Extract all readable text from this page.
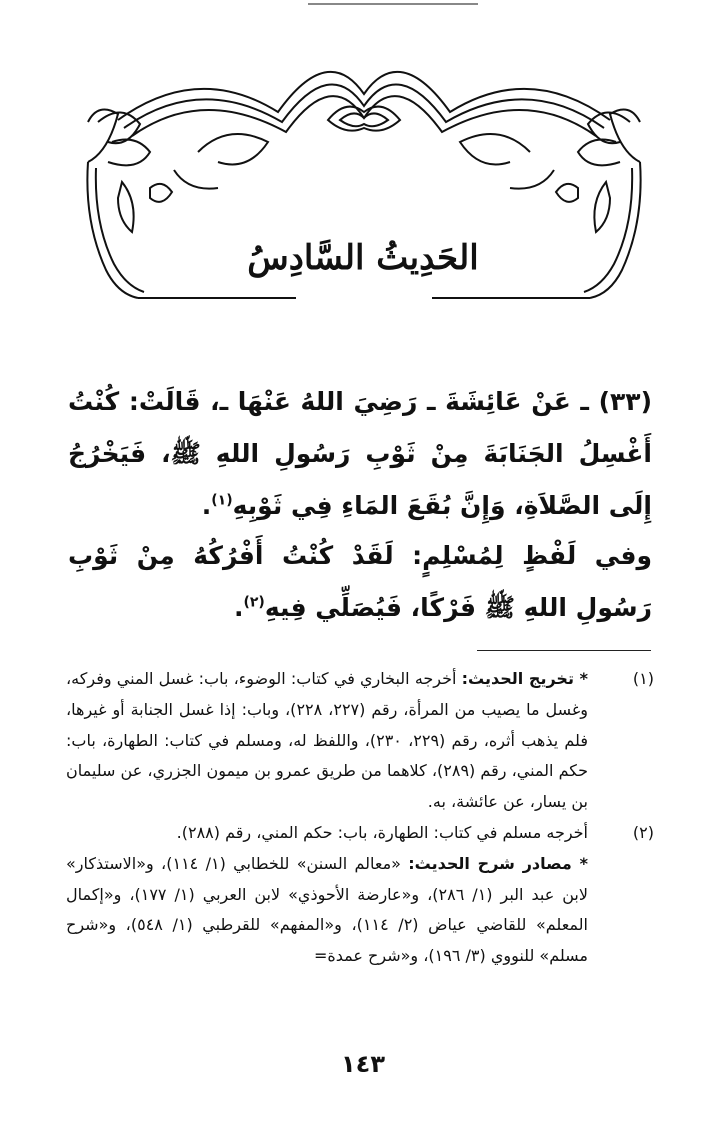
الحَدِيثُ السَّادِسُ
(٣٣) ـ عَنْ عَائِشَةَ ـ رَضِيَ اللهُ عَنْهَا ـ، قَالَتْ: كُنْتُ أَغْسِلُ الجَنَابَةَ مِنْ ثَوْبِ رَسُولِ اللهِ ﷺ، فَيَخْرُجُ إِلَى الصَّلاَةِ، وَإِنَّ بُقَعَ المَاءِ فِي ثَوْبِهِ$^{(١)}$.
وفي لَفْظٍ لِمُسْلِمٍ: لَقَدْ كُنْتُ أَفْرُكُهُ مِنْ ثَوْبِ رَسُولِ اللهِ ﷺ فَرْكًا، فَيُصَلِّي فِيهِ$^{(٢)}$.
(١)
* تخريج الحديث: أخرجه البخاري في كتاب: الوضوء، باب: غسل المني وفركه، وغسل ما يصيب من المرأة، رقم (٢٢٧، ٢٢٨)، وباب: إذا غسل الجنابة أو غيرها، فلم يذهب أثره، رقم (٢٢٩، ٢٣٠)، واللفظ له، ومسلم في كتاب: الطهارة، باب: حكم المني، رقم (٢٨٩)، كلاهما من طريق عمرو بن ميمون الجزري، عن سليمان بن يسار، عن عائشة، به.
(٢)
أخرجه مسلم في كتاب: الطهارة، باب: حكم المني، رقم (٢٨٨).
* مصادر شرح الحديث: «معالم السنن» للخطابي (١/ ١١٤)، و«الاستذكار» لابن عبد البر (١/ ٢٨٦)، و«عارضة الأحوذي» لابن العربي (١/ ١٧٧)، و«إكمال المعلم» للقاضي عياض (٢/ ١١٤)، و«المفهم» للقرطبي (١/ ٥٤٨)، و«شرح مسلم» للنووي (٣/ ١٩٦)، و«شرح عمدة=
١٤٣
